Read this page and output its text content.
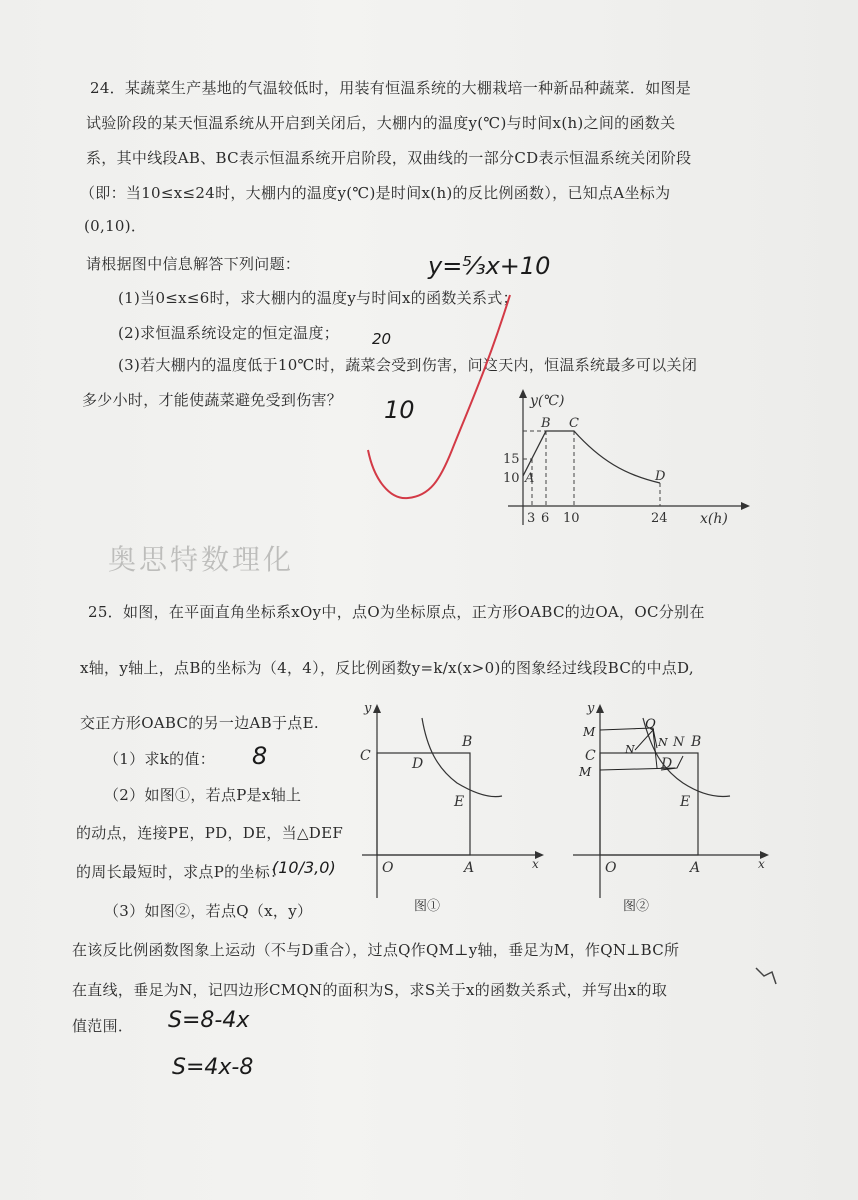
24．某蔬菜生产基地的气温较低时，用装有恒温系统的大棚栽培一种新品种蔬菜．如图是
试验阶段的某天恒温系统从开启到关闭后，大棚内的温度y(℃)与时间x(h)之间的函数关
系，其中线段AB、BC表示恒温系统开启阶段，双曲线的一部分CD表示恒温系统关闭阶段
（即：当10≤x≤24时，大棚内的温度y(℃)是时间x(h)的反比例函数），已知点A坐标为
(0,10)．
请根据图中信息解答下列问题：
(1)当0≤x≤6时，求大棚内的温度y与时间x的函数关系式；
(2)求恒温系统设定的恒定温度；
(3)若大棚内的温度低于10℃时，蔬菜会受到伤害，问这天内，恒温系统最多可以关闭
多少小时，才能使蔬菜避免受到伤害？
y=⁵⁄₃x+10
20
10	y(℃)
x(h)
15
10
3 6 10	24
A
B C
D
奥思特数理化
25．如图，在平面直角坐标系xOy中，点O为坐标原点，正方形OABC的边OA，OC分别在
x轴，y轴上，点B的坐标为（4，4），反比例函数y=k/x(x>0)的图象经过线段BC的中点D,
交正方形OABC的另一边AB于点E.
（1）求k的值： 8
（2）如图①，若点P是x轴上
的动点，连接PE，PD，DE，当△DEF
的周长最短时，求点P的坐标：
(10/3,0)
（3）如图②，若点Q（x，y）
在该反比例函数图象上运动（不与D重合），过点Q作QM⊥y轴，垂足为M，作QN⊥BC所
在直线，垂足为N，记四边形CMQN的面积为S，求S关于x的函数关系式，并写出x的取
值范围． S=8-4x
S=4x-8
y
C
B
D
E
O	A	x
图①
y
C
B
N
D
E
O	A	x
M
N
Q
N
M
图②
